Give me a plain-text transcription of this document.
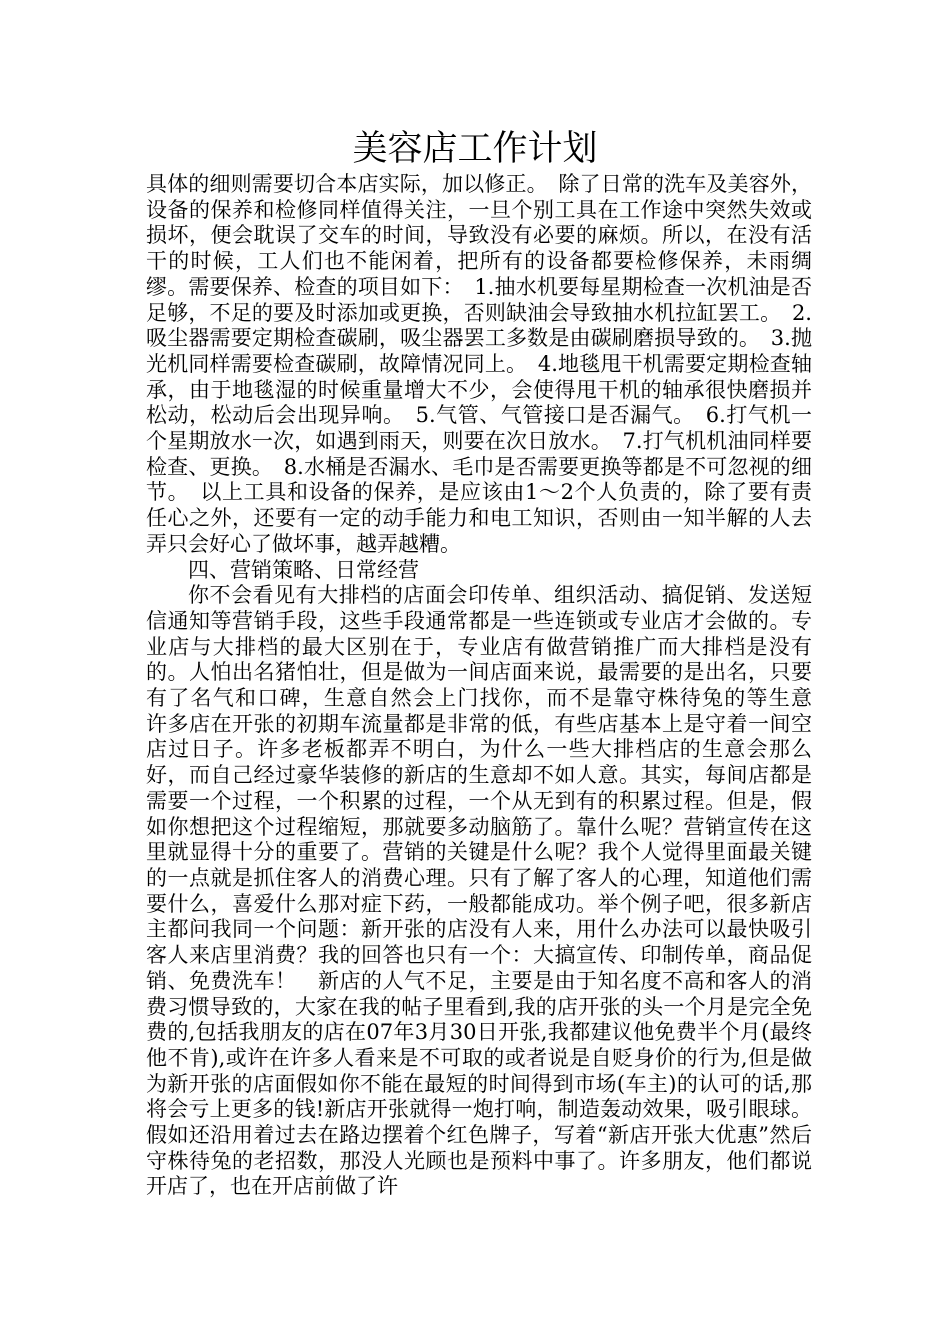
美容店工作计划

具体的细则需要切合本店实际，加以修正。　除了日常的洗车及美容外，设备的保养和检修同样值得关注，一旦个别工具在工作途中突然失效或损坏，便会耽误了交车的时间，导致没有必要的麻烦。所以，在没有活干的时候，工人们也不能闲着，把所有的设备都要检修保养，未雨绸缪。需要保养、检查的项目如下：　1.抽水机要每星期检查一次机油是否足够，不足的要及时添加或更换，否则缺油会导致抽水机拉缸罢工。　2.吸尘器需要定期检查碳刷，吸尘器罢工多数是由碳刷磨损导致的。　3.抛光机同样需要检查碳刷，故障情况同上。　4.地毯甩干机需要定期检查轴承，由于地毯湿的时候重量增大不少，会使得甩干机的轴承很快磨损并松动，松动后会出现异响。　5.气管、气管接口是否漏气。　6.打气机一个星期放水一次，如遇到雨天，则要在次日放水。　7.打气机机油同样要检查、更换。　8.水桶是否漏水、毛巾是否需要更换等都是不可忽视的细节。　以上工具和设备的保养，是应该由1～2个人负责的，除了要有责任心之外，还要有一定的动手能力和电工知识，否则由一知半解的人去弄只会好心了做坏事，越弄越糟。

四、营销策略、日常经营

你不会看见有大排档的店面会印传单、组织活动、搞促销、发送短信通知等营销手段，这些手段通常都是一些连锁或专业店才会做的。专业店与大排档的最大区别在于，专业店有做营销推广而大排档是没有的。人怕出名猪怕壮，但是做为一间店面来说，最需要的是出名，只要有了名气和口碑，生意自然会上门找你，而不是靠守株待兔的等生意　许多店在开张的初期车流量都是非常的低，有些店基本上是守着一间空店过日子。许多老板都弄不明白，为什么一些大排档店的生意会那么好，而自己经过豪华装修的新店的生意却不如人意。其实，每间店都是需要一个过程，一个积累的过程，一个从无到有的积累过程。但是，假如你想把这个过程缩短，那就要多动脑筋了。靠什么呢？营销宣传在这里就显得十分的重要了。营销的关键是什么呢？我个人觉得里面最关键的一点就是抓住客人的消费心理。只有了解了客人的心理，知道他们需要什么，喜爱什么那对症下药，一般都能成功。举个例子吧，很多新店主都问我同一个问题：新开张的店没有人来，用什么办法可以最快吸引客人来店里消费？我的回答也只有一个：大搞宣传、印制传单，商品促销、免费洗车！　新店的人气不足，主要是由于知名度不高和客人的消费习惯导致的，大家在我的帖子里看到,我的店开张的头一个月是完全免费的,包括我朋友的店在07年3月30日开张,我都建议他免费半个月(最终他不肯),或许在许多人看来是不可取的或者说是自贬身价的行为,但是做为新开张的店面假如你不能在最短的时间得到市场(车主)的认可的话,那将会亏上更多的钱!新店开张就得一炮打响，制造轰动效果，吸引眼球。假如还沿用着过去在路边摆着个红色牌子，写着“新店开张大优惠”然后守株待兔的老招数，那没人光顾也是预料中事了。许多朋友，他们都说开店了，也在开店前做了许
